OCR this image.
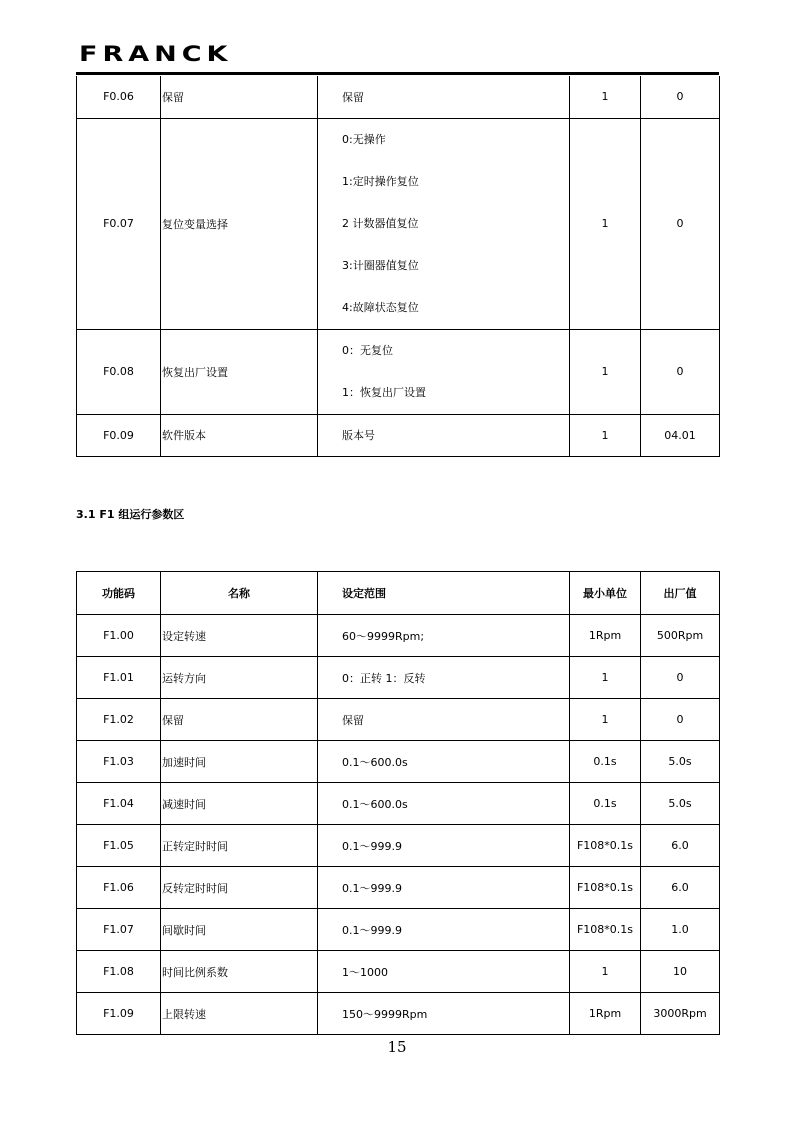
FRANCK
F0.06	保留	保留	1	0
F0.07	复位变量选择	0:无操作
1:定时操作复位
2 计数器值复位
3:计圈器值复位
4:故障状态复位	1	0
F0.08	恢复出厂设置	0：无复位
1：恢复出厂设置	1	0
F0.09	软件版本	版本号	1	04.01
3.1 F1 组运行参数区
功能码	名称	设定范围	最小单位	出厂值
F1.00	设定转速	60～9999Rpm;	1Rpm	500Rpm
F1.01	运转方向	0：正转 1：反转	1	0
F1.02	保留	保留	1	0
F1.03	加速时间	0.1～600.0s	0.1s	5.0s
F1.04	减速时间	0.1～600.0s	0.1s	5.0s
F1.05	正转定时时间	0.1～999.9	F108*0.1s	6.0
F1.06	反转定时时间	0.1～999.9	F108*0.1s	6.0
F1.07	间歇时间	0.1～999.9	F108*0.1s	1.0
F1.08	时间比例系数	1～1000	1	10
F1.09	上限转速	150～9999Rpm	1Rpm	3000Rpm
15
